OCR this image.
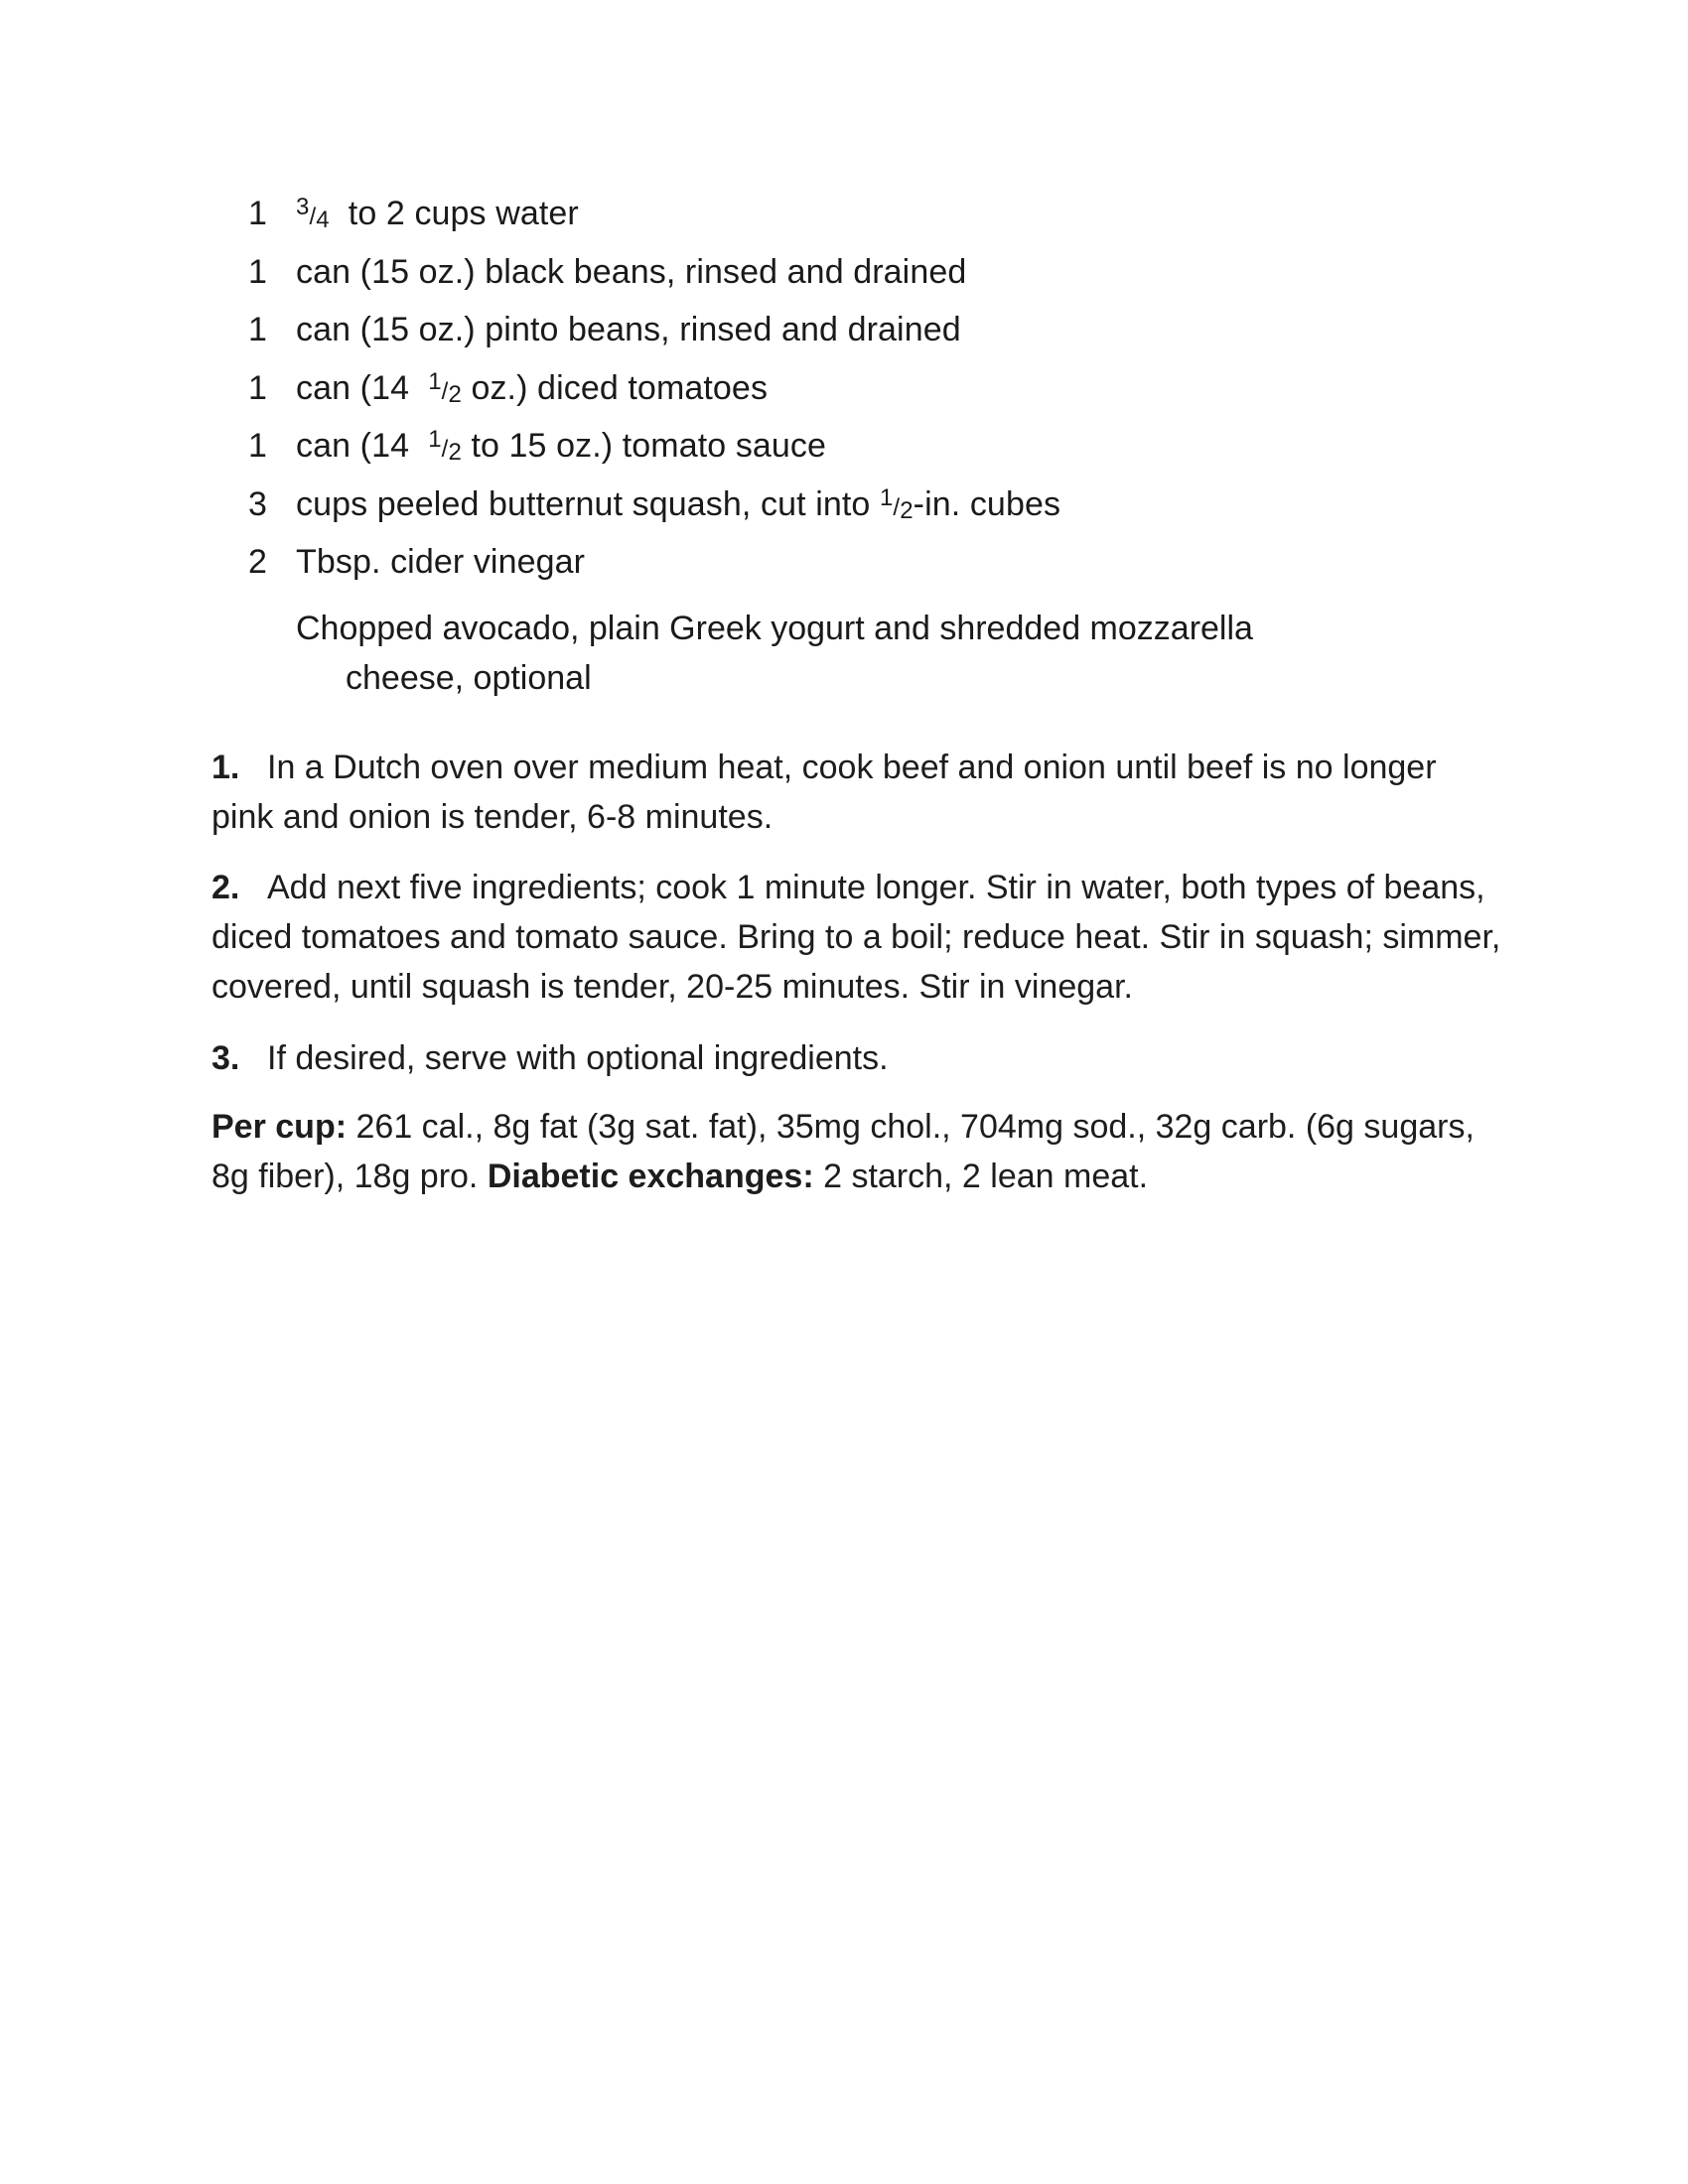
1	3/4 to 2 cups water
1 can (15 oz.) black beans, rinsed and drained
1 can (15 oz.) pinto beans, rinsed and drained
1 can (14 1/2 oz.) diced tomatoes
1 can (14 1/2 to 15 oz.) tomato sauce
3 cups peeled butternut squash, cut into 1/2-in. cubes
2 Tbsp. cider vinegar
Chopped avocado, plain Greek yogurt and shredded mozzarella
cheese, optional

1. In a Dutch oven over medium heat, cook beef and onion until beef is no longer pink and onion is tender, 6-8 minutes.

2. Add next five ingredients; cook 1 minute longer. Stir in water, both types of beans, diced tomatoes and tomato sauce. Bring to a boil; reduce heat. Stir in squash; simmer, covered, until squash is tender, 20-25 minutes. Stir in vinegar.

3. If desired, serve with optional ingredients.

Per cup: 261 cal., 8g fat (3g sat. fat), 35mg chol., 704mg sod., 32g carb. (6g sugars, 8g fiber), 18g pro. Diabetic exchanges: 2 starch, 2 lean meat.
